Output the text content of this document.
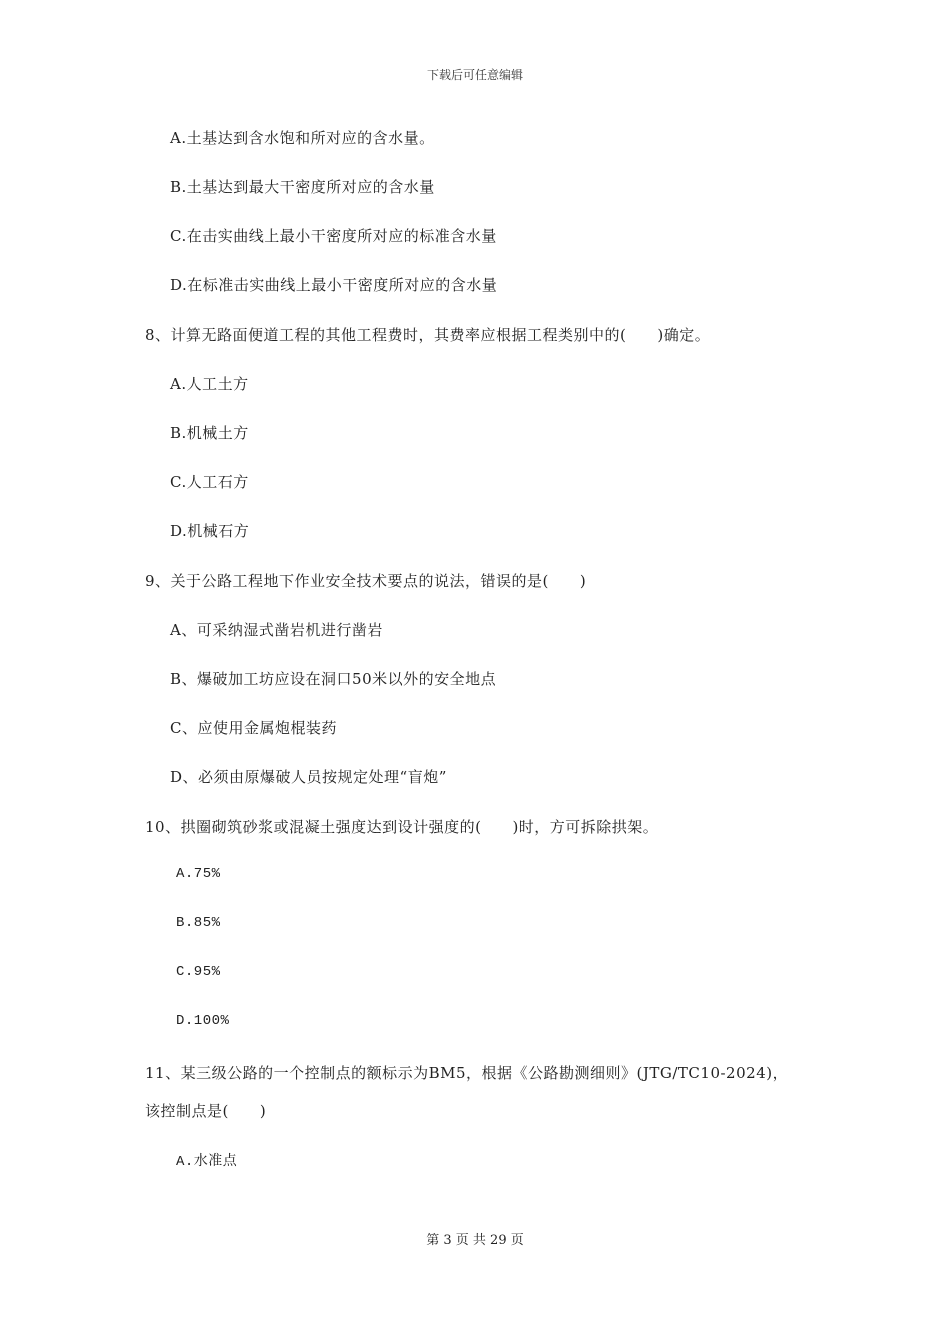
下载后可任意编辑
A.土基达到含水饱和所对应的含水量。
B.土基达到最大干密度所对应的含水量
C.在击实曲线上最小干密度所对应的标准含水量
D.在标准击实曲线上最小干密度所对应的含水量
8、计算无路面便道工程的其他工程费时，其费率应根据工程类别中的(　　)确定。
A.人工土方
B.机械土方
C.人工石方
D.机械石方
9、关于公路工程地下作业安全技术要点的说法，错误的是(　　)
A、可采纳湿式凿岩机进行凿岩
B、爆破加工坊应设在洞口50米以外的安全地点
C、应使用金属炮棍装药
D、必须由原爆破人员按规定处理“盲炮”
10、拱圈砌筑砂浆或混凝土强度达到设计强度的(　　)时，方可拆除拱架。
A.75%
B.85%
C.95%
D.100%
11、某三级公路的一个控制点的额标示为BM5，根据《公路勘测细则》(JTG/TC10-2024)，
该控制点是(　　)
A.水准点
第 3 页 共 29 页
